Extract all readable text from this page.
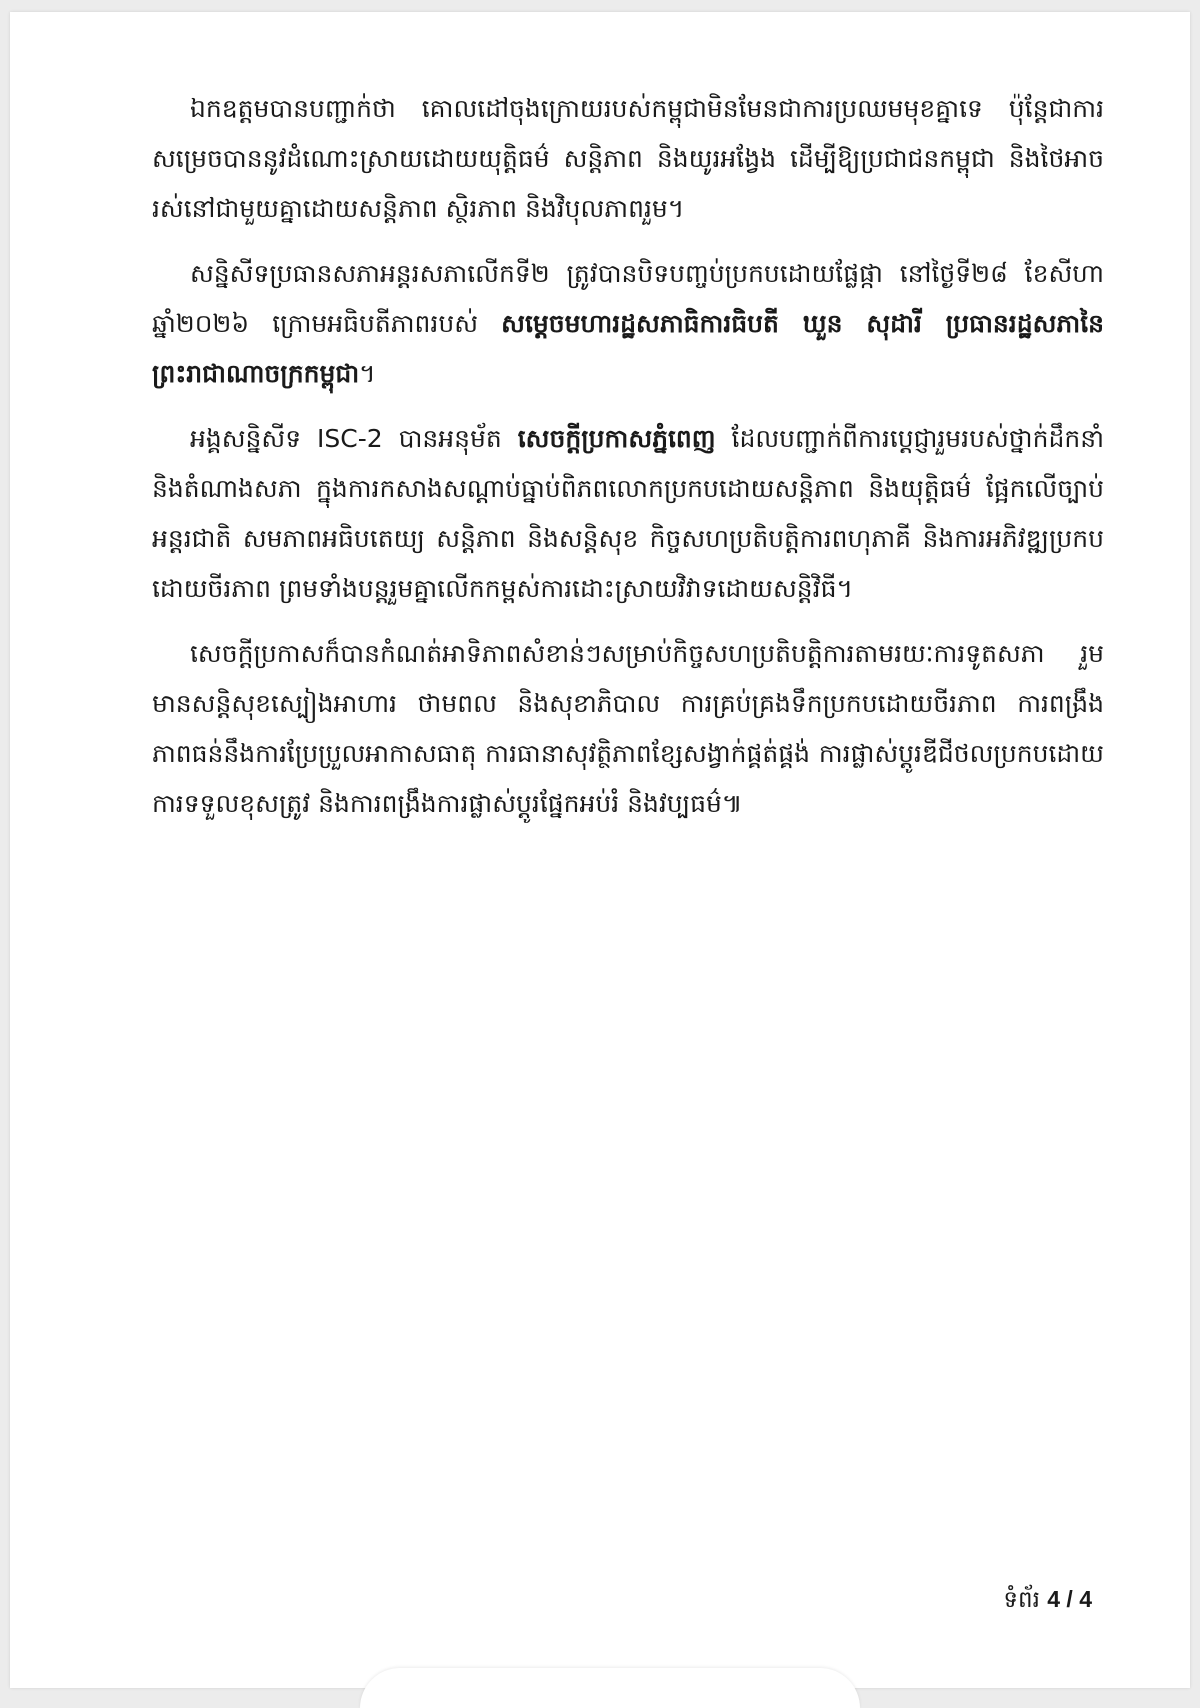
ឯកឧត្តមបានបញ្ជាក់ថា គោលដៅចុងក្រោយរបស់កម្ពុជាមិនមែនជាការប្រឈមមុខគ្នាទេ ប៉ុន្តែជាការសម្រេចបាននូវដំណោះស្រាយដោយយុត្តិធម៌ សន្តិភាព និងយូរអង្វែង ដើម្បីឱ្យប្រជាជនកម្ពុជា និងថៃអាចរស់នៅជាមួយគ្នាដោយសន្តិភាព ស្ថិរភាព និងវិបុលភាពរួម។

សន្និសីទប្រធានសភាអន្តរសភាលើកទី២ ត្រូវបានបិទបញ្ចប់ប្រកបដោយផ្លែផ្កា នៅថ្ងៃទី២៨ ខែសីហា ឆ្នាំ២០២៦ ក្រោមអធិបតីភាពរបស់ សម្តេចមហារដ្ឋសភាធិការធិបតី ឃួន សុដារី ប្រធានរដ្ឋសភានៃព្រះរាជាណាចក្រកម្ពុជា។

អង្គសន្និសីទ ISC-2 បានអនុម័ត សេចក្តីប្រកាសភ្នំពេញ ដែលបញ្ជាក់ពីការប្តេជ្ញារួមរបស់ថ្នាក់ដឹកនាំ និងតំណាងសភា ក្នុងការកសាងសណ្តាប់ធ្នាប់ពិភពលោកប្រកបដោយសន្តិភាព និងយុត្តិធម៌ ផ្អែកលើច្បាប់អន្តរជាតិ សមភាពអធិបតេយ្យ សន្តិភាព និងសន្តិសុខ កិច្ចសហប្រតិបត្តិការពហុភាគី និងការអភិវឌ្ឍប្រកបដោយចីរភាព ព្រមទាំងបន្តរួមគ្នាលើកកម្ពស់ការដោះស្រាយវិវាទដោយសន្តិវិធី។

សេចក្តីប្រកាសក៏បានកំណត់អាទិភាពសំខាន់ៗសម្រាប់កិច្ចសហប្រតិបត្តិការតាមរយៈការទូតសភា រួមមានសន្តិសុខស្បៀងអាហារ ថាមពល និងសុខាភិបាល ការគ្រប់គ្រងទឹកប្រកបដោយចីរភាព ការពង្រឹងភាពធន់នឹងការប្រែប្រួលអាកាសធាតុ ការធានាសុវត្ថិភាពខ្សែសង្វាក់ផ្គត់ផ្គង់ ការផ្លាស់ប្តូរឌីជីថលប្រកបដោយការទទួលខុសត្រូវ និងការពង្រឹងការផ្លាស់ប្តូរផ្នែកអប់រំ និងវប្បធម៌៕

ទំព័រ 4 / 4
